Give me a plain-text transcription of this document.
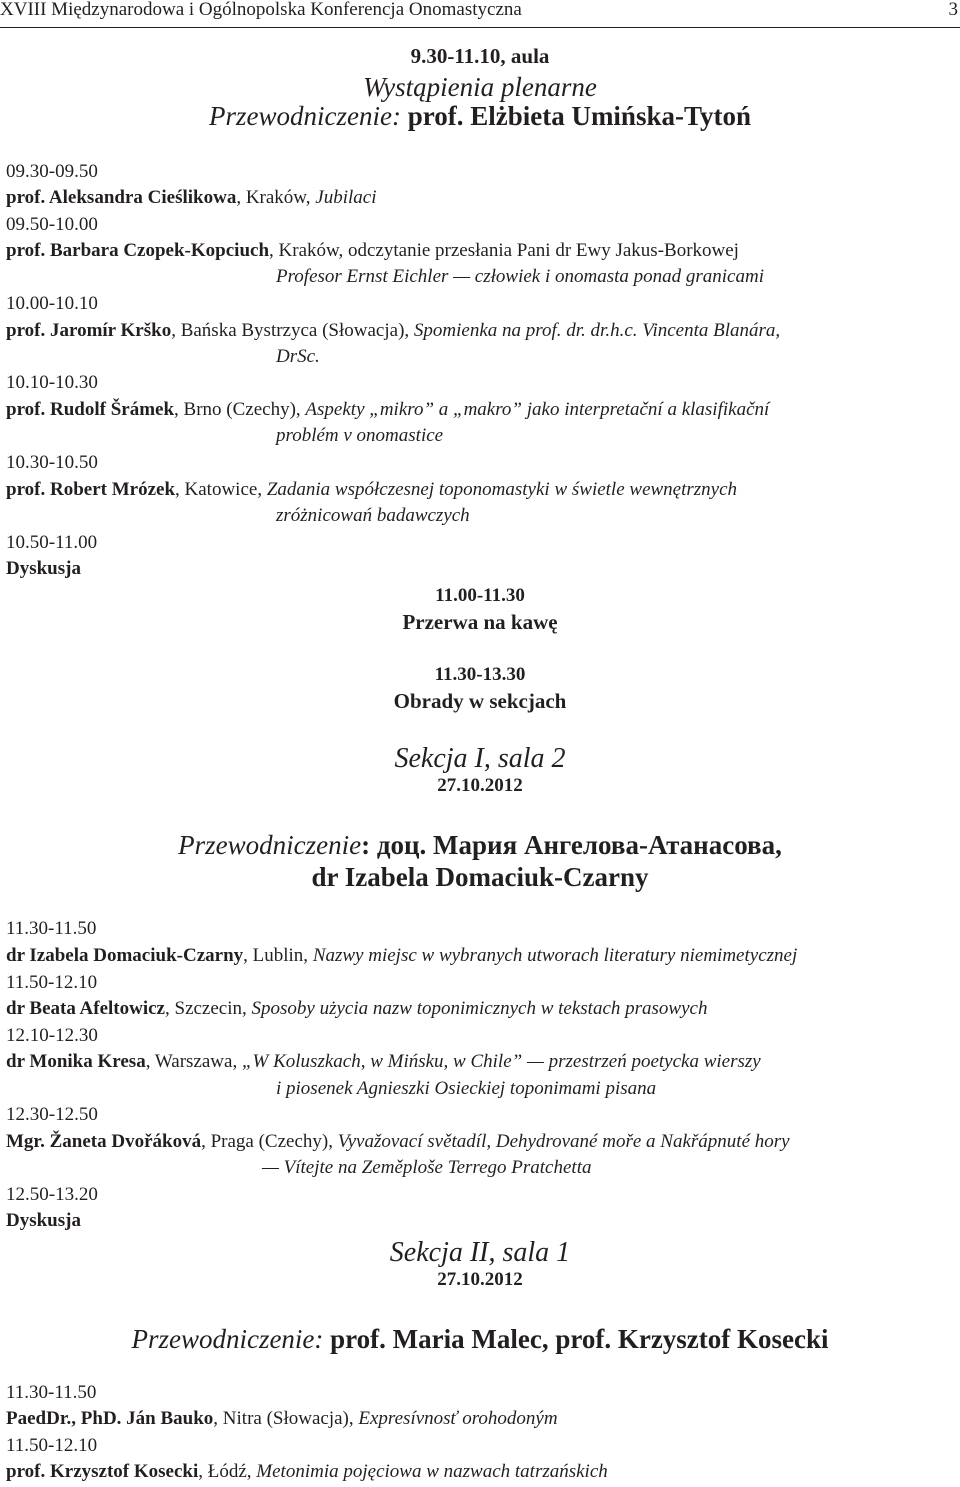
XVIII Międzynarodowa i Ogólnopolska Konferencja Onomastyczna	3
9.30-11.10, aula
Wystąpienia plenarne
Przewodniczenie: prof. Elżbieta Umińska-Tytoń
09.30-09.50
prof. Aleksandra Cieślikowa, Kraków, Jubilaci
09.50-10.00
prof. Barbara Czopek-Kopciuch, Kraków, odczytanie przesłania Pani dr Ewy Jakus-Borkowej
Profesor Ernst Eichler — człowiek i onomasta ponad granicami
10.00-10.10
prof. Jaromír Krško, Bańska Bystrzyca (Słowacja), Spomienka na prof. dr. dr.h.c. Vincenta Blanára,
DrSc.
10.10-10.30
prof. Rudolf Šrámek, Brno (Czechy), Aspekty „mikro” a „makro” jako interpretační a klasifikační
problém v onomastice
10.30-10.50
prof. Robert Mrózek, Katowice, Zadania współczesnej toponomastyki w świetle wewnętrznych
zróżnicowań badawczych
10.50-11.00
Dyskusja
11.00-11.30
Przerwa na kawę
11.30-13.30
Obrady w sekcjach
Sekcja I, sala 2
27.10.2012
Przewodniczenie: доц. Мария Ангелова-Атанасова,
dr Izabela Domaciuk-Czarny
11.30-11.50
dr Izabela Domaciuk-Czarny, Lublin, Nazwy miejsc w wybranych utworach literatury niemimetycznej
11.50-12.10
dr Beata Afeltowicz, Szczecin, Sposoby użycia nazw toponimicznych w tekstach prasowych
12.10-12.30
dr Monika Kresa, Warszawa, „W Koluszkach, w Mińsku, w Chile” — przestrzeń poetycka wierszy
i piosenek Agnieszki Osieckiej toponimami pisana
12.30-12.50
Mgr. Žaneta Dvořáková, Praga (Czechy), Vyvažovací světadíl, Dehydrované moře a Nakřápnuté hory
— Vítejte na Zeměploše Terrego Pratchetta
12.50-13.20
Dyskusja
Sekcja II, sala 1
27.10.2012
Przewodniczenie: prof. Maria Malec, prof. Krzysztof Kosecki
11.30-11.50
PaedDr., PhD. Ján Bauko, Nitra (Słowacja), Expresívnosť orohodoným
11.50-12.10
prof. Krzysztof Kosecki, Łódź, Metonimia pojęciowa w nazwach tatrzańskich
